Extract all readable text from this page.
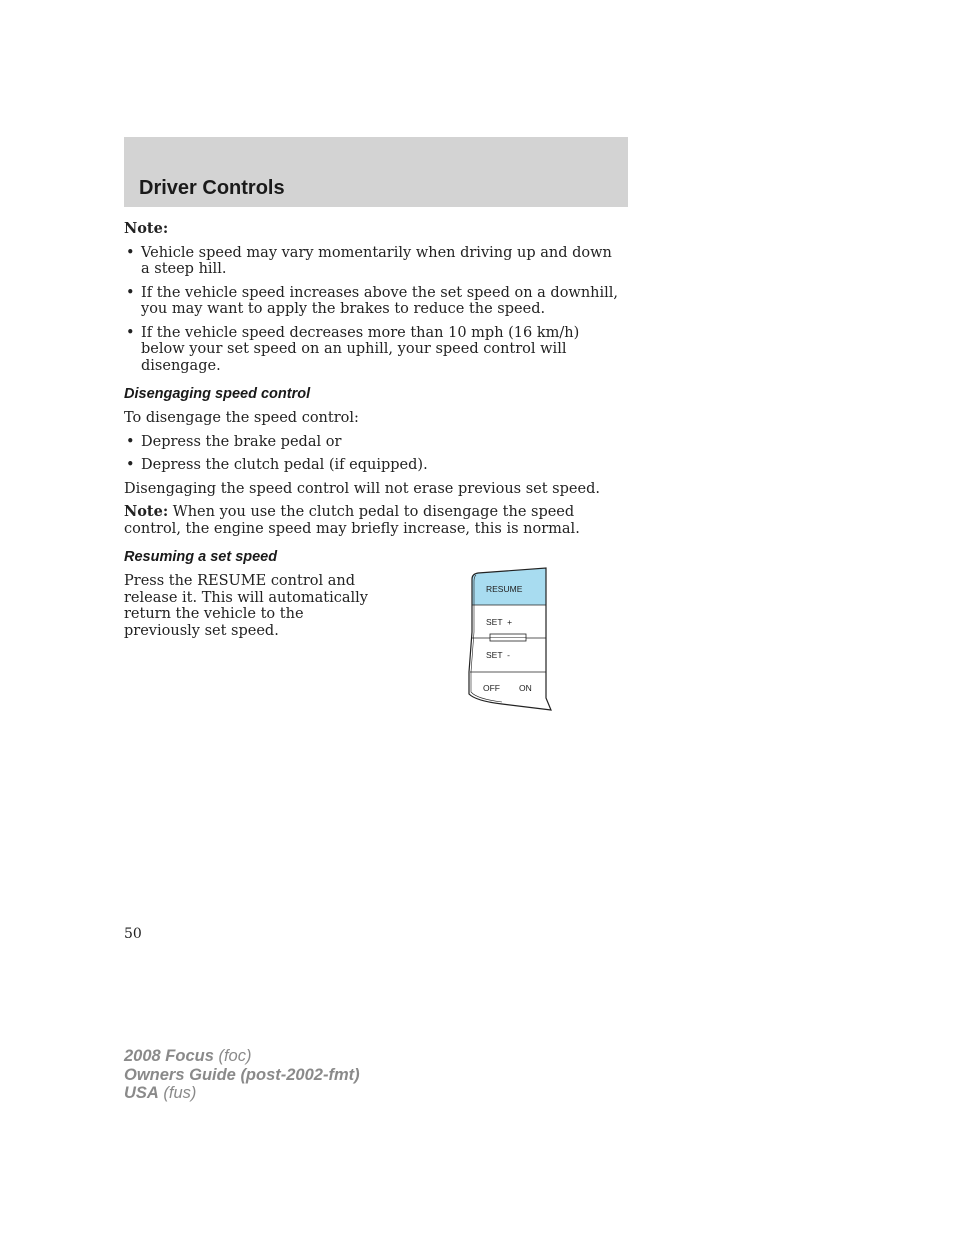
Driver Controls

Note:

• Vehicle speed may vary momentarily when driving up and down a steep hill.
• If the vehicle speed increases above the set speed on a downhill, you may want to apply the brakes to reduce the speed.
• If the vehicle speed decreases more than 10 mph (16 km/h) below your set speed on an uphill, your speed control will disengage.
Disengaging speed control

To disengage the speed control:

• Depress the brake pedal or
• Depress the clutch pedal (if equipped).

Disengaging the speed control will not erase previous set speed.

Note: When you use the clutch pedal to disengage the speed control, the engine speed may briefly increase, this is normal.

Resuming a set speed

Press the RESUME control and release it. This will automatically return the vehicle to the previously set speed.

RESUME
SET  +
SET  -
OFF ON
50
2008 Focus (foc)
Owners Guide (post-2002-fmt)
USA (fus)
